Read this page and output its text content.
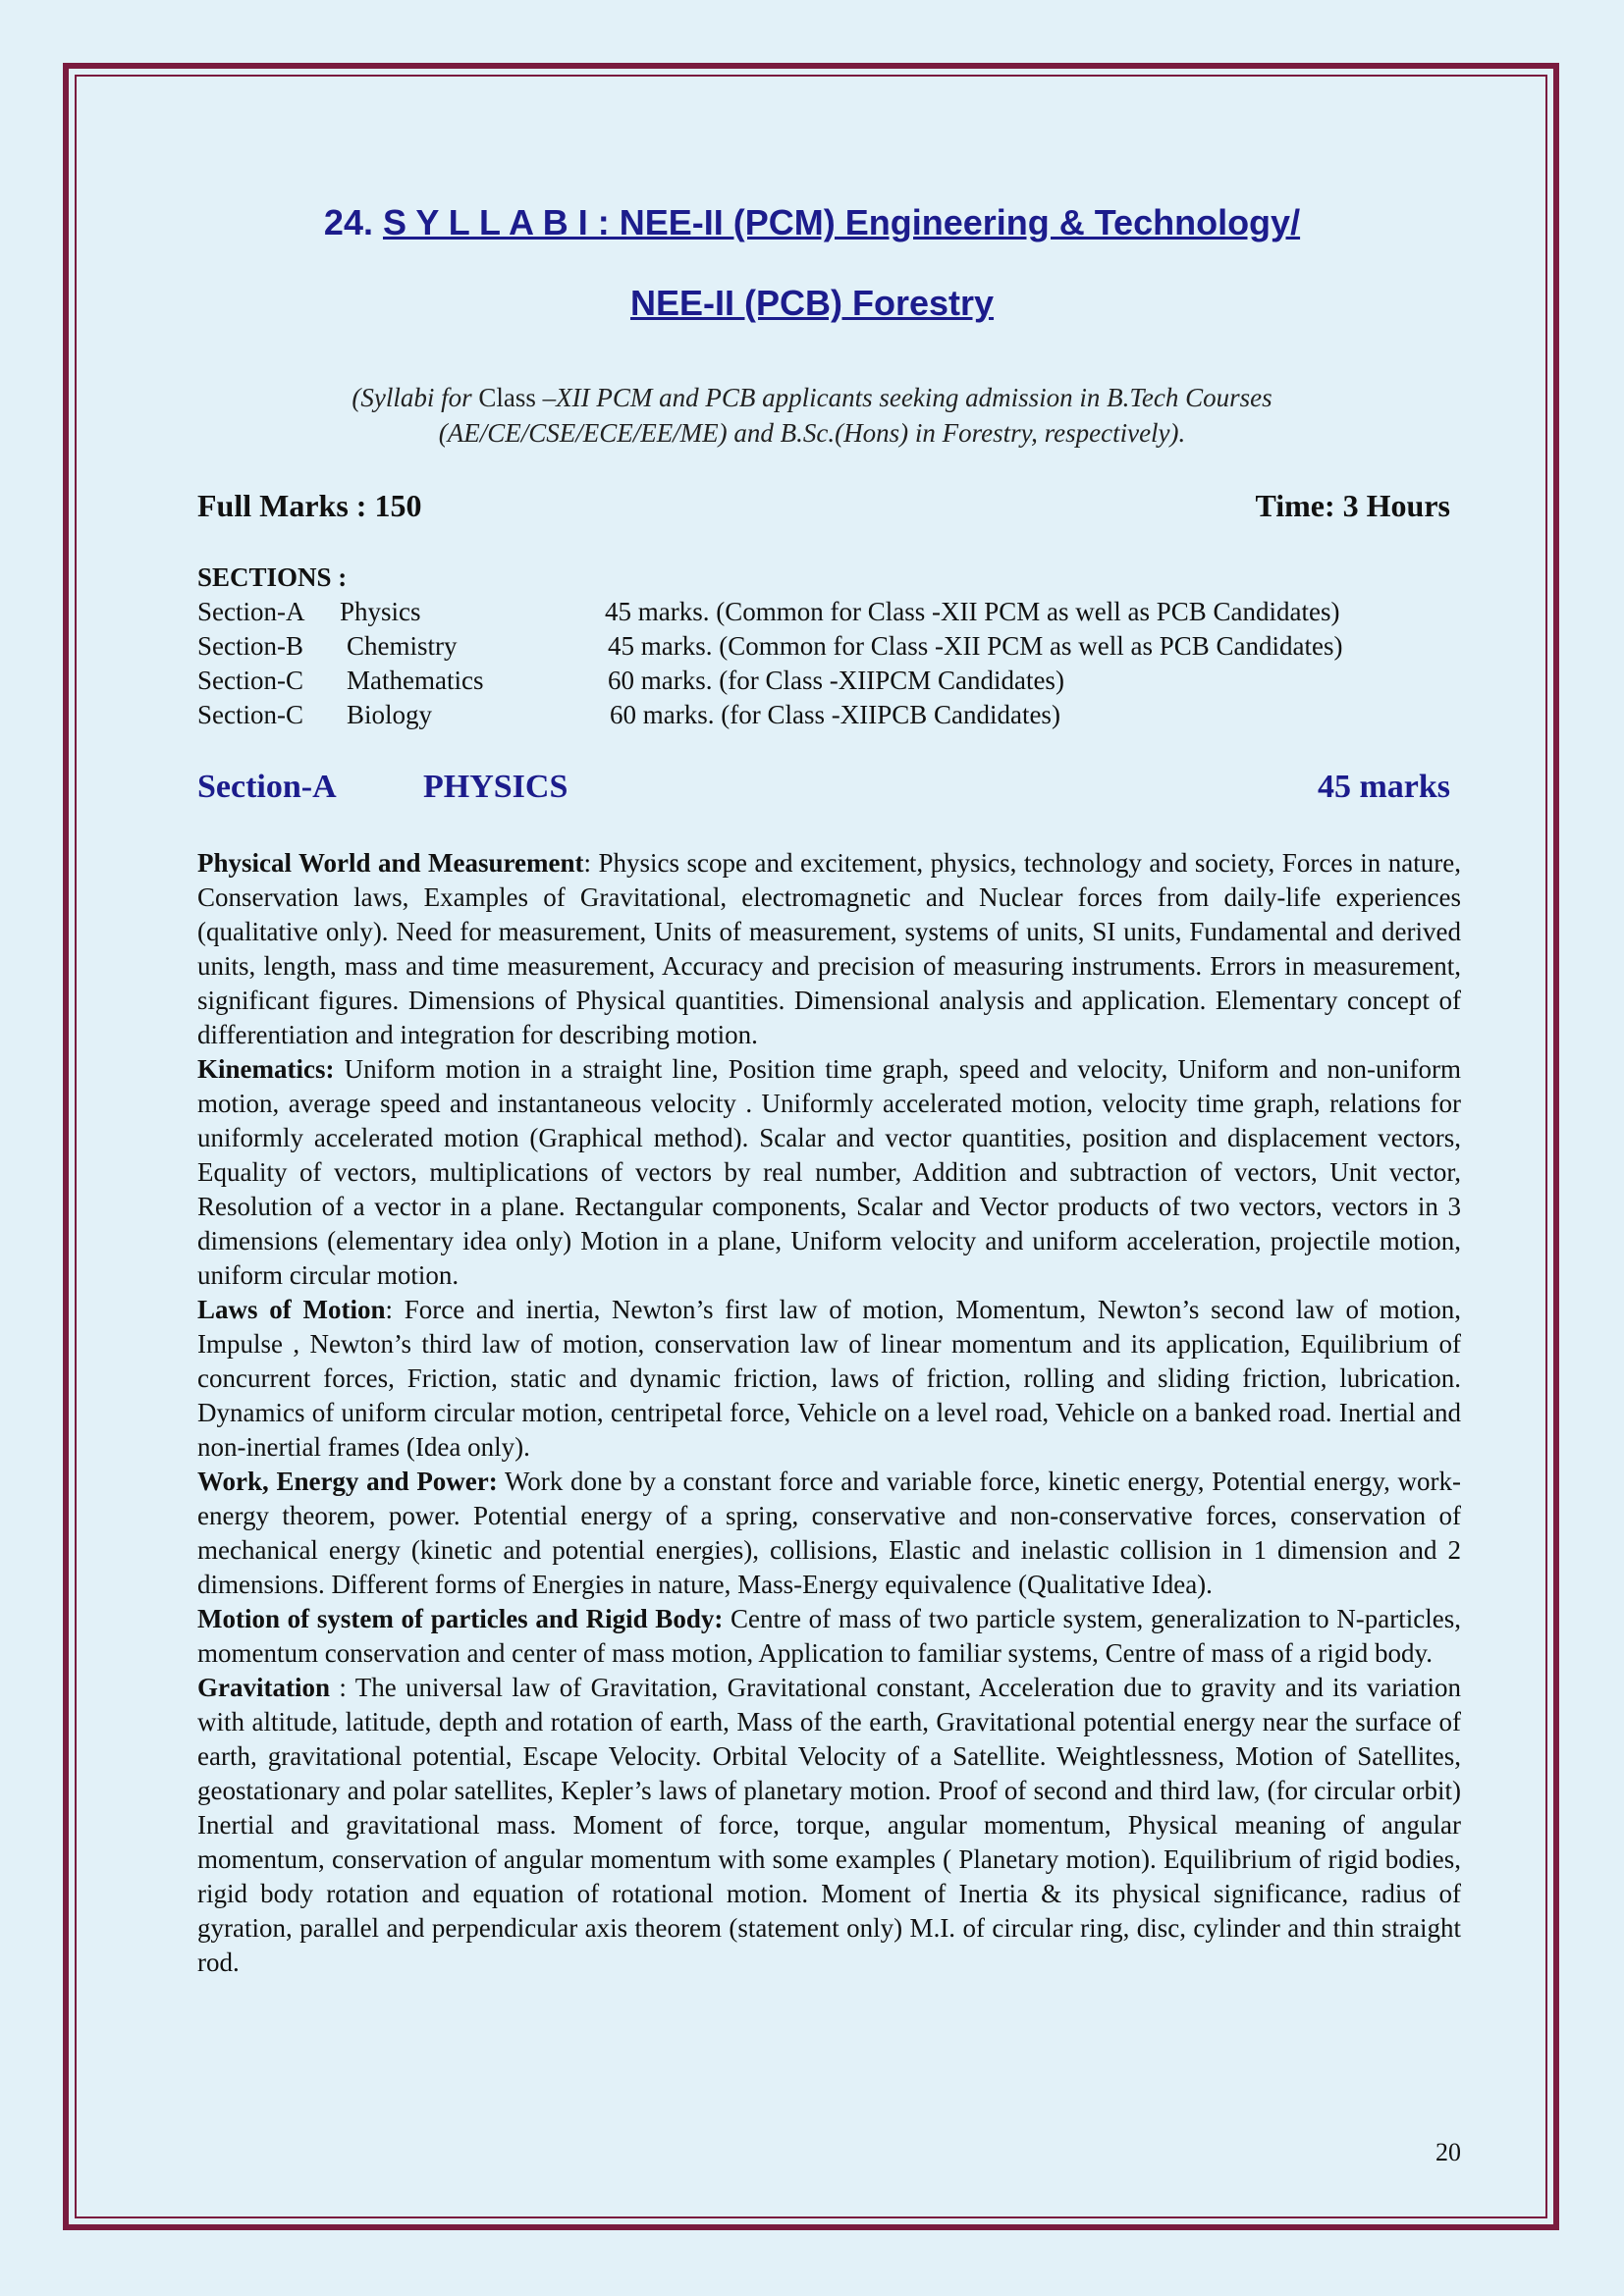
24. S Y L L A B I : NEE-II (PCM) Engineering & Technology/
NEE-II (PCB) Forestry
(Syllabi for Class –XII PCM and PCB applicants seeking admission in B.Tech Courses
(AE/CE/CSE/ECE/EE/ME) and B.Sc.(Hons) in Forestry, respectively).
Full Marks : 150	Time: 3 Hours
SECTIONS :
Section-A Physics	45 marks. (Common for Class -XII PCM as well as PCB Candidates)
Section-B Chemistry	45 marks. (Common for Class -XII PCM as well as PCB Candidates)
Section-C Mathematics	60 marks. (for Class -XIIPCM Candidates)
Section-C Biology	60 marks. (for Class -XIIPCB Candidates)
Section-A	PHYSICS	45 marks

Physical World and Measurement: Physics scope and excitement, physics, technology and society, Forces in nature, Conservation laws, Examples of Gravitational, electromagnetic and Nuclear forces from daily-life experiences (qualitative only). Need for measurement, Units of measurement, systems of units, SI units, Fundamental and derived units, length, mass and time measurement, Accuracy and precision of measuring instruments. Errors in measurement, significant figures. Dimensions of Physical quantities. Dimensional analysis and application. Elementary concept of differentiation and integration for describing motion.

Kinematics: Uniform motion in a straight line, Position time graph, speed and velocity, Uniform and non-uniform motion, average speed and instantaneous velocity . Uniformly accelerated motion, velocity time graph, relations for uniformly accelerated motion (Graphical method). Scalar and vector quantities, position and displacement vectors, Equality of vectors, multiplications of vectors by real number, Addition and subtraction of vectors, Unit vector, Resolution of a vector in a plane. Rectangular components, Scalar and Vector products of two vectors, vectors in 3 dimensions (elementary idea only) Motion in a plane, Uniform velocity and uniform acceleration, projectile motion, uniform circular motion.

Laws of Motion: Force and inertia, Newton’s first law of motion, Momentum, Newton’s second law of motion, Impulse , Newton’s third law of motion, conservation law of linear momentum and its application, Equilibrium of concurrent forces, Friction, static and dynamic friction, laws of friction, rolling and sliding friction, lubrication. Dynamics of uniform circular motion, centripetal force, Vehicle on a level road, Vehicle on a banked road. Inertial and non-inertial frames (Idea only).

Work, Energy and Power: Work done by a constant force and variable force, kinetic energy, Potential energy, work-energy theorem, power. Potential energy of a spring, conservative and non-conservative forces, conservation of mechanical energy (kinetic and potential energies), collisions, Elastic and inelastic collision in 1 dimension and 2 dimensions. Different forms of Energies in nature, Mass-Energy equivalence (Qualitative Idea).

Motion of system of particles and Rigid Body: Centre of mass of two particle system, generalization to N-particles, momentum conservation and center of mass motion, Application to familiar systems, Centre of mass of a rigid body.

Gravitation : The universal law of Gravitation, Gravitational constant, Acceleration due to gravity and its variation with altitude, latitude, depth and rotation of earth, Mass of the earth, Gravitational potential energy near the surface of earth, gravitational potential, Escape Velocity. Orbital Velocity of a Satellite. Weightlessness, Motion of Satellites, geostationary and polar satellites, Kepler’s laws of planetary motion. Proof of second and third law, (for circular orbit) Inertial and gravitational mass. Moment of force, torque, angular momentum, Physical meaning of angular momentum, conservation of angular momentum with some examples ( Planetary motion). Equilibrium of rigid bodies, rigid body rotation and equation of rotational motion. Moment of Inertia & its physical significance, radius of gyration, parallel and perpendicular axis theorem (statement only) M.I. of circular ring, disc, cylinder and thin straight rod.

20
